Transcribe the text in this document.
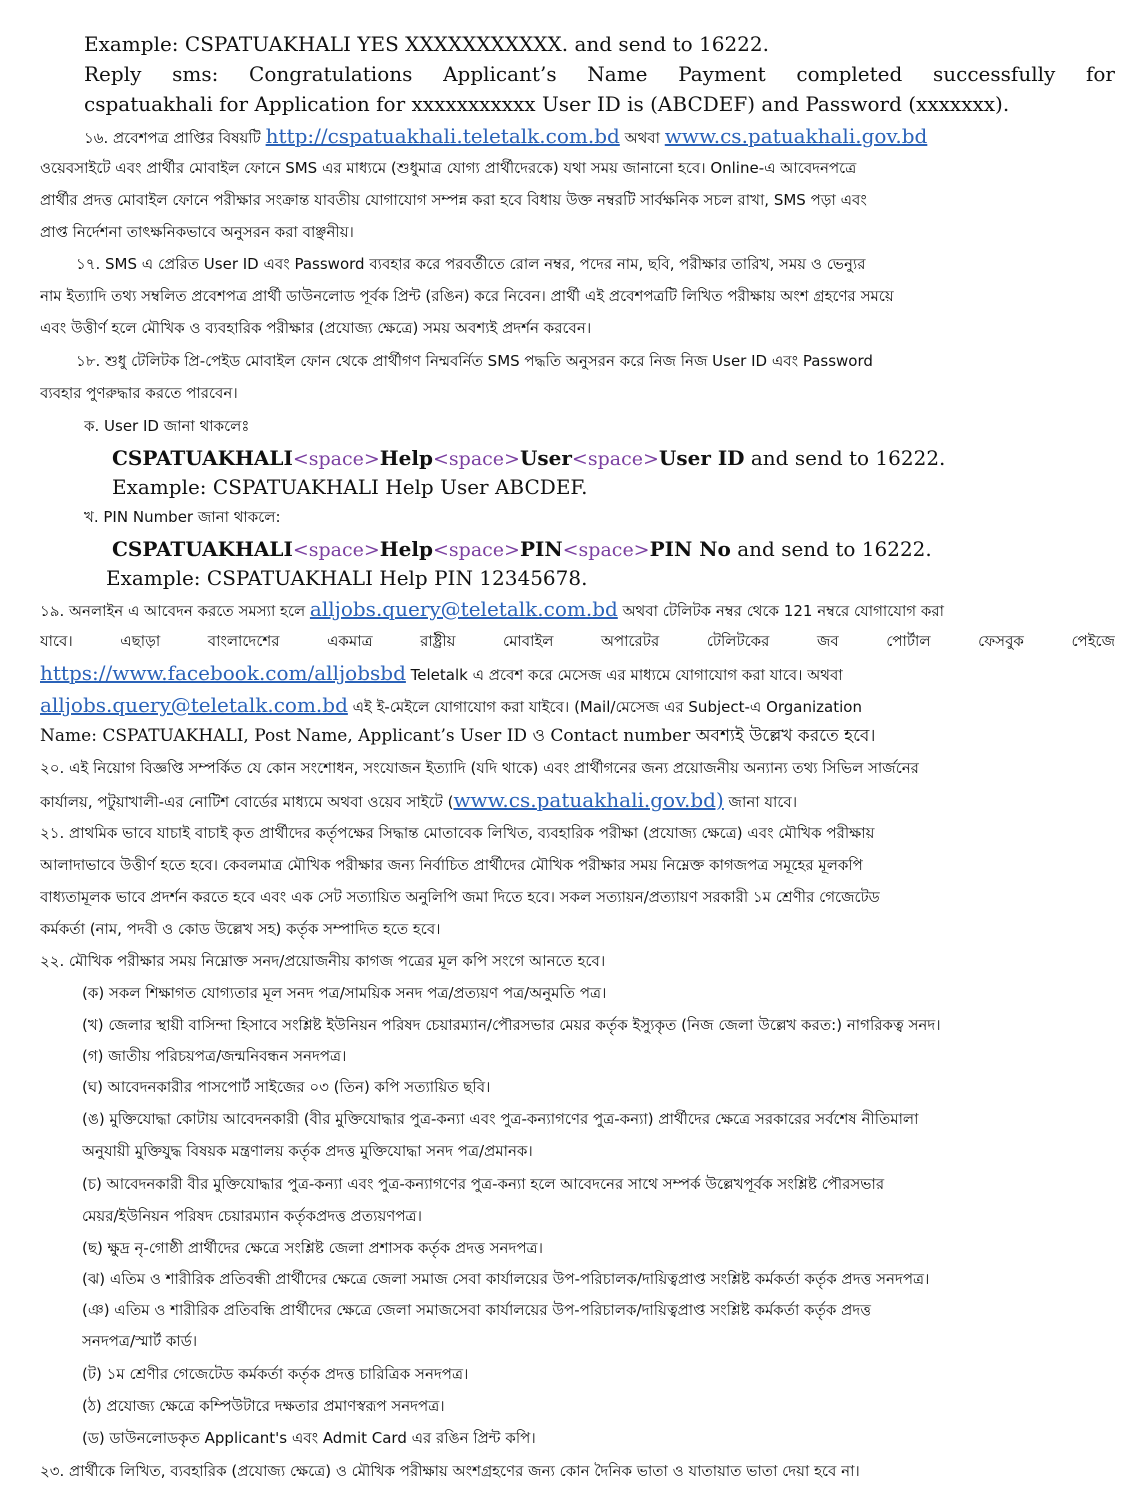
Example: CSPATUAKHALI YES XXXXXXXXXXX. and send to 16222.
Reply sms: Congratulations Applicant’s Name Payment completed successfully for
cspatuakhali for Application for xxxxxxxxxxx User ID is (ABCDEF) and Password (xxxxxxx).
১৬. প্রবেশপত্র প্রাপ্তির বিষয়টি http://cspatuakhali.teletalk.com.bd অথবা www.cs.patuakhali.gov.bd
ওয়েবসাইটে এবং প্রার্থীর মোবাইল ফোনে SMS এর মাধ্যমে (শুধুমাত্র যোগ্য প্রার্থীদেরকে) যথা সময় জানানো হবে। Online-এ আবেদনপত্রে
প্রার্থীর প্রদত্ত মোবাইল ফোনে পরীক্ষার সংক্রান্ত যাবতীয় যোগাযোগ সম্পন্ন করা হবে বিধায় উক্ত নম্বরটি সার্বক্ষনিক সচল রাখা, SMS পড়া এবং
প্রাপ্ত নির্দেশনা তাৎক্ষনিকভাবে অনুসরন করা বাঞ্ছনীয়।
১৭. SMS এ প্রেরিত User ID এবং Password ব্যবহার করে পরবর্তীতে রোল নম্বর, পদের নাম, ছবি, পরীক্ষার তারিখ, সময় ও ভেন্যুর
নাম ইত্যাদি তথ্য সম্বলিত প্রবেশপত্র প্রার্থী ডাউনলোড পূর্বক প্রিন্ট (রঙিন) করে নিবেন। প্রার্থী এই প্রবেশপত্রটি লিখিত পরীক্ষায় অংশ গ্রহণের সময়ে
এবং উত্তীর্ণ হলে মৌখিক ও ব্যবহারিক পরীক্ষার (প্রযোজ্য ক্ষেত্রে) সময় অবশ্যই প্রদর্শন করবেন।
১৮. শুধু টেলিটক প্রি-পেইড মোবাইল ফোন থেকে প্রার্থীগণ নিম্মবর্নিত SMS পদ্ধতি অনুসরন করে নিজ নিজ User ID এবং Password
ব্যবহার পুণরুদ্ধার করতে পারবেন।
ক. User ID জানা থাকলেঃ
CSPATUAKHALI<space>Help<space>User<space>User ID and send to 16222.
Example: CSPATUAKHALI Help User ABCDEF.
খ. PIN Number জানা থাকলে:
CSPATUAKHALI<space>Help<space>PIN<space>PIN No and send to 16222.
Example: CSPATUAKHALI Help PIN 12345678.
১৯. অনলাইন এ আবেদন করতে সমস্যা হলে alljobs.query@teletalk.com.bd অথবা টেলিটক নম্বর থেকে 121 নম্বরে যোগাযোগ করা
যাবে। এছাড়া বাংলাদেশের একমাত্র রাষ্ট্রীয় মোবাইল অপারেটর টেলিটকের জব পোর্টাল ফেসবুক পেইজে
https://www.facebook.com/alljobsbd Teletalk এ প্রবেশ করে মেসেজ এর মাধ্যমে যোগাযোগ করা যাবে। অথবা
alljobs.query@teletalk.com.bd এই ই-মেইলে যোগাযোগ করা যাইবে। (Mail/মেসেজ এর Subject-এ Organization
Name: CSPATUAKHALI, Post Name, Applicant’s User ID ও Contact number অবশ্যই উল্লেখ করতে হবে।
২০. এই নিয়োগ বিজ্ঞপ্তি সম্পর্কিত যে কোন সংশোধন, সংযোজন ইত্যাদি (যদি থাকে) এবং প্রার্থীগনের জন্য প্রয়োজনীয় অন্যান্য তথ্য সিভিল সার্জনের
কার্যালয়, পটুয়াখালী-এর নোটিশ বোর্ডের মাধ্যমে অথবা ওয়েব সাইটে (www.cs.patuakhali.gov.bd) জানা যাবে।
২১. প্রাথমিক ভাবে যাচাই বাচাই কৃত প্রার্থীদের কর্তৃপক্ষের সিদ্ধান্ত মোতাবেক লিখিত, ব্যবহারিক পরীক্ষা (প্রযোজ্য ক্ষেত্রে) এবং মৌখিক পরীক্ষায়
আলাদাভাবে উত্তীর্ণ হতে হবে। কেবলমাত্র মৌখিক পরীক্ষার জন্য নির্বাচিত প্রার্থীদের মৌখিক পরীক্ষার সময় নিম্নেক্ত কাগজপত্র সমূহের মূলকপি
বাধ্যতামূলক ভাবে প্রদর্শন করতে হবে এবং এক সেট সত্যায়িত অনুলিপি জমা দিতে হবে। সকল সত্যায়ন/প্রত্যায়ণ সরকারী ১ম শ্রেণীর গেজেটেড
কর্মকর্তা (নাম, পদবী ও কোড উল্লেখ সহ) কর্তৃক সম্পাদিত হতে হবে।
২২. মৌখিক পরীক্ষার সময় নিম্নোক্ত সনদ/প্রয়োজনীয় কাগজ পত্রের মূল কপি সংগে আনতে হবে।
(ক) সকল শিক্ষাগত যোগ্যতার মূল সনদ পত্র/সাময়িক সনদ পত্র/প্রত্যয়ণ পত্র/অনুমতি পত্র।
(খ) জেলার স্থায়ী বাসিন্দা হিসাবে সংশ্লিষ্ট ইউনিয়ন পরিষদ চেয়ারম্যান/পৌরসভার মেয়র কর্তৃক ইস্যুকৃত (নিজ জেলা উল্লেখ করত:) নাগরিকত্ব সনদ।
(গ) জাতীয় পরিচয়পত্র/জন্মনিবন্ধন সনদপত্র।
(ঘ) আবেদনকারীর পাসপোর্ট সাইজের ০৩ (তিন) কপি সত্যায়িত ছবি।
(ঙ) মুক্তিযোদ্ধা কোটায় আবেদনকারী (বীর মুক্তিযোদ্ধার পুত্র-কন্যা এবং পুত্র-কন্যাগণের পুত্র-কন্যা) প্রার্থীদের ক্ষেত্রে সরকারের সর্বশেষ নীতিমালা
অনুযায়ী মুক্তিযুদ্ধ বিষয়ক মন্ত্রণালয় কর্তৃক প্রদত্ত মুক্তিযোদ্ধা সনদ পত্র/প্রমানক।
(চ) আবেদনকারী বীর মুক্তিযোদ্ধার পুত্র-কন্যা এবং পুত্র-কন্যাগণের পুত্র-কন্যা হলে আবেদনের সাথে সম্পর্ক উল্লেখপূর্বক সংশ্লিষ্ট পৌরসভার
মেয়র/ইউনিয়ন পরিষদ চেয়ারম্যান কর্তৃকপ্রদত্ত প্রত্যয়ণপত্র।
(ছ) ক্ষুদ্র নৃ-গোষ্ঠী প্রার্থীদের ক্ষেত্রে সংশ্লিষ্ট জেলা প্রশাসক কর্তৃক প্রদত্ত সনদপত্র।
(ঝ) এতিম ও শারীরিক প্রতিবন্ধী প্রার্থীদের ক্ষেত্রে জেলা সমাজ সেবা কার্যালয়ের উপ-পরিচালক/দায়িত্বপ্রাপ্ত সংশ্লিষ্ট কর্মকর্তা কর্তৃক প্রদত্ত সনদপত্র।
(ঞ) এতিম ও শারীরিক প্রতিবন্ধি প্রার্থীদের ক্ষেত্রে জেলা সমাজসেবা কার্যালয়ের উপ-পরিচালক/দায়িত্বপ্রাপ্ত সংশ্লিষ্ট কর্মকর্তা কর্তৃক প্রদত্ত
সনদপত্র/স্মার্ট কার্ড।
(ট) ১ম শ্রেণীর গেজেটেড কর্মকর্তা কর্তৃক প্রদত্ত চারিত্রিক সনদপত্র।
(ঠ) প্রযোজ্য ক্ষেত্রে কম্পিউটারে দক্ষতার প্রমাণস্বরূপ সনদপত্র।
(ড) ডাউনলোডকৃত Applicant's এবং Admit Card এর রঙিন প্রিন্ট কপি।
২৩. প্রার্থীকে লিখিত, ব্যবহারিক (প্রযোজ্য ক্ষেত্রে) ও মৌখিক পরীক্ষায় অংশগ্রহণের জন্য কোন দৈনিক ভাতা ও যাতায়াত ভাতা দেয়া হবে না।
